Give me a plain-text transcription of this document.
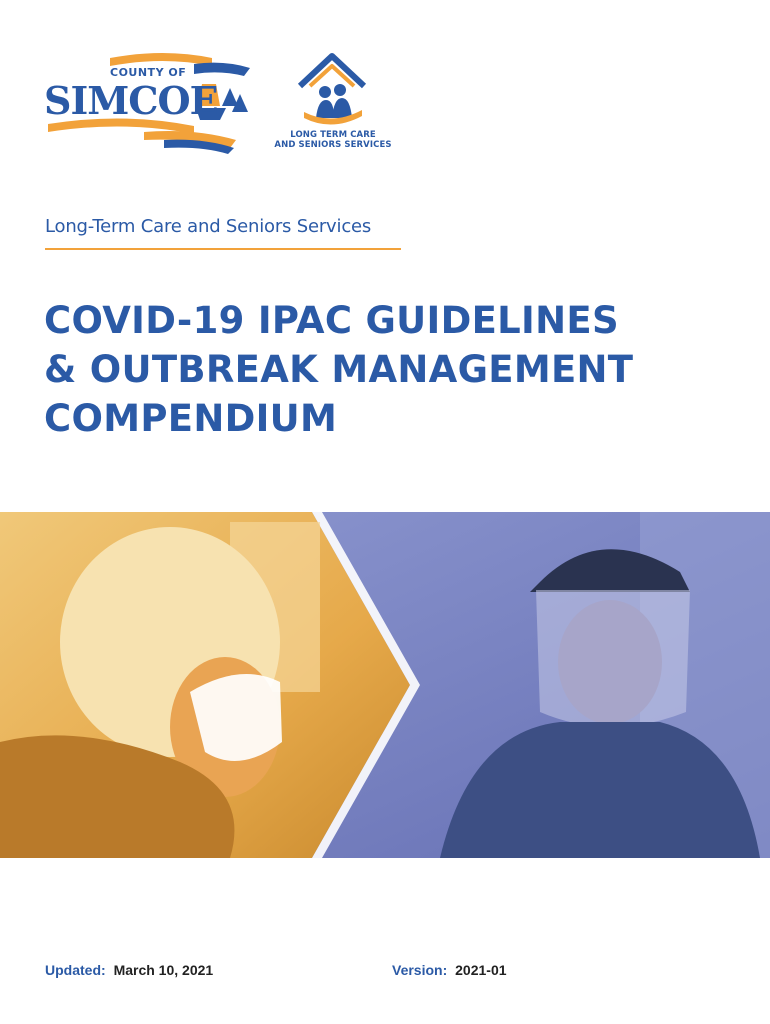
COUNTY OF
SIMCOE
LONG TERM CARE
AND SENIORS SERVICES
Long-Term Care and Seniors Services
COVID-19 IPAC GUIDELINES
& OUTBREAK MANAGEMENT
COMPENDIUM
Updated: March 10, 2021	Version: 2021-01
